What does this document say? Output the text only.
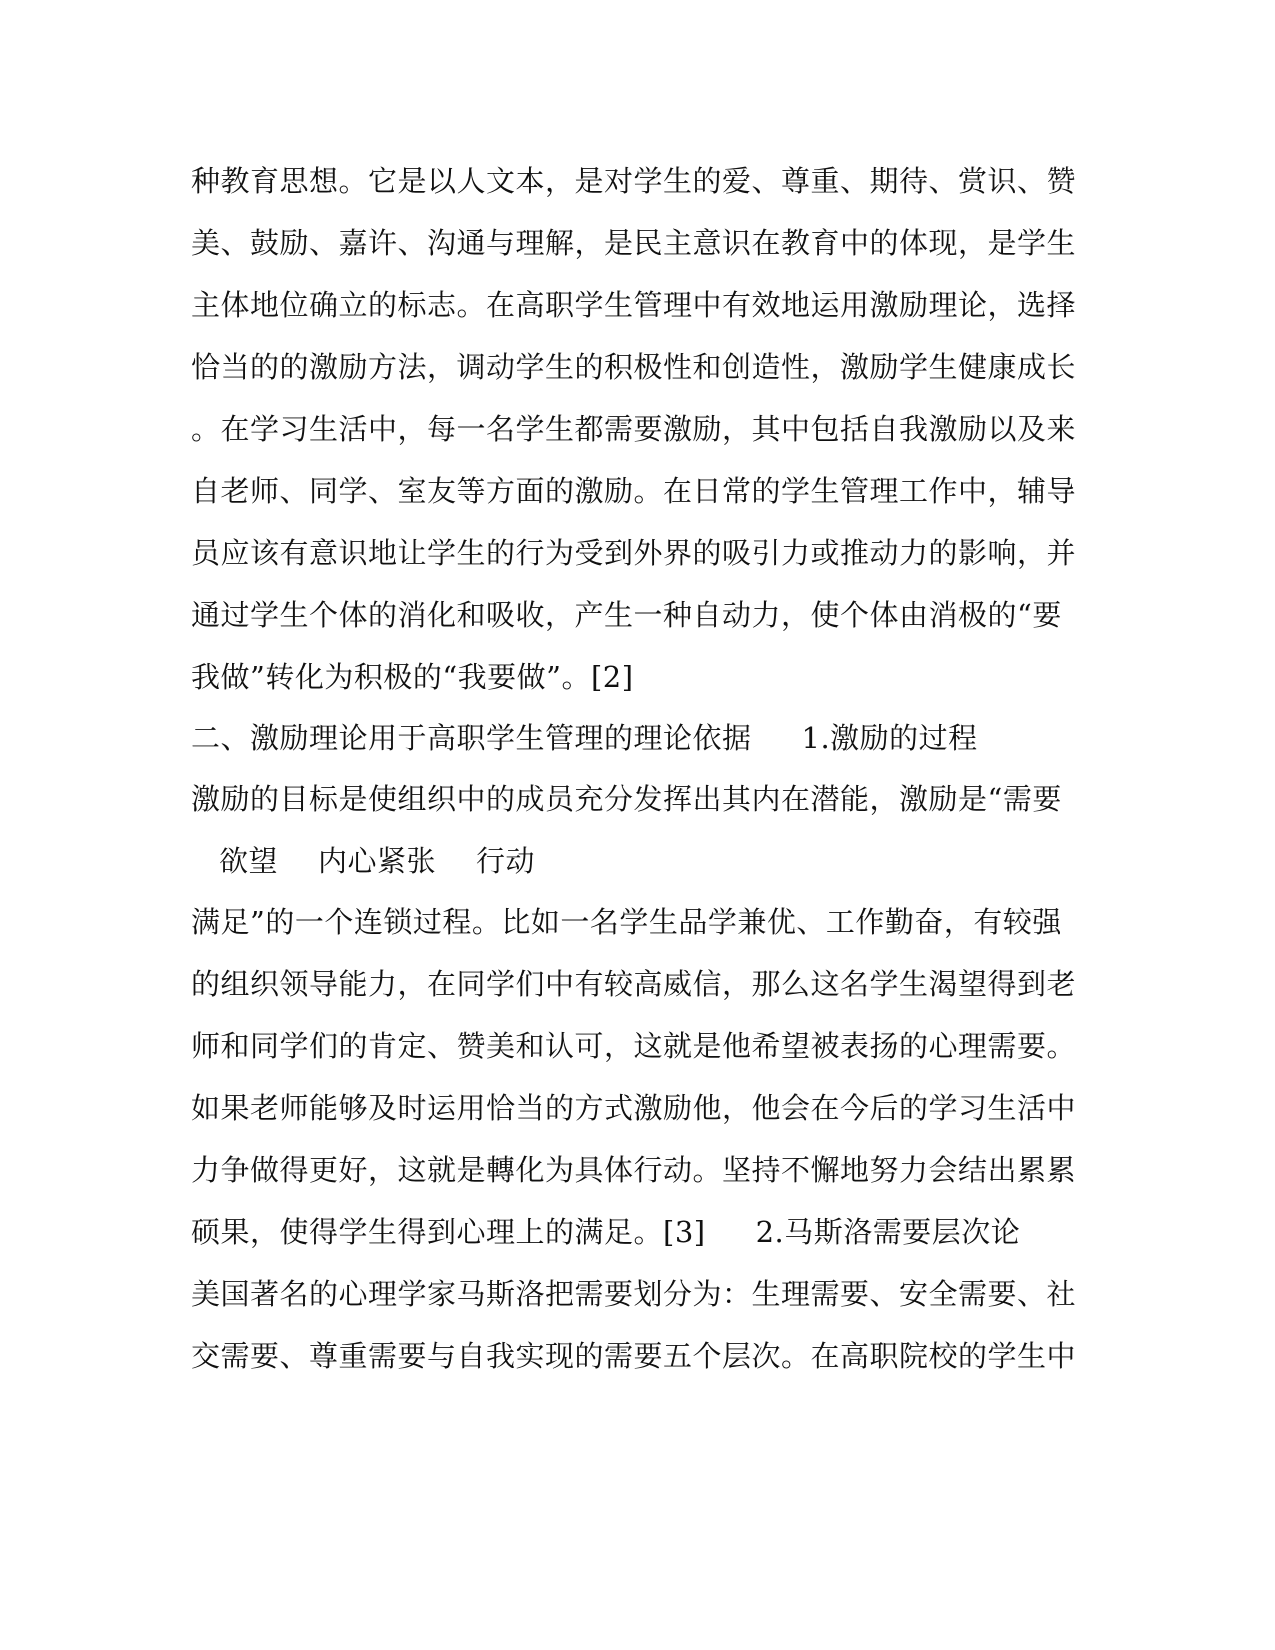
种教育思想。它是以人文本，是对学生的爱、尊重、期待、赏识、赞
美、鼓励、嘉许、沟通与理解，是民主意识在教育中的体现，是学生
主体地位确立的标志。在高职学生管理中有效地运用激励理论，选择
恰当的的激励方法，调动学生的积极性和创造性，激励学生健康成长
。在学习生活中，每一名学生都需要激励，其中包括自我激励以及来
自老师、同学、室友等方面的激励。在日常的学生管理工作中，辅导
员应该有意识地让学生的行为受到外界的吸引力或推动力的影响，并
通过学生个体的消化和吸收，产生一种自动力，使个体由消极的“要
我做”转化为积极的“我要做”。[2]
二、激励理论用于高职学生管理的理论依据 1.激励的过程
激励的目标是使组织中的成员充分发挥出其内在潜能，激励是“需要
欲望 内心紧张 行动
满足”的一个连锁过程。比如一名学生品学兼优、工作勤奋，有较强
的组织领导能力，在同学们中有较高威信，那么这名学生渴望得到老
师和同学们的肯定、赞美和认可，这就是他希望被表扬的心理需要。
如果老师能够及时运用恰当的方式激励他，他会在今后的学习生活中
力争做得更好，这就是轉化为具体行动。坚持不懈地努力会结出累累
硕果，使得学生得到心理上的满足。[3] 2.马斯洛需要层次论
美国著名的心理学家马斯洛把需要划分为：生理需要、安全需要、社
交需要、尊重需要与自我实现的需要五个层次。在高职院校的学生中
